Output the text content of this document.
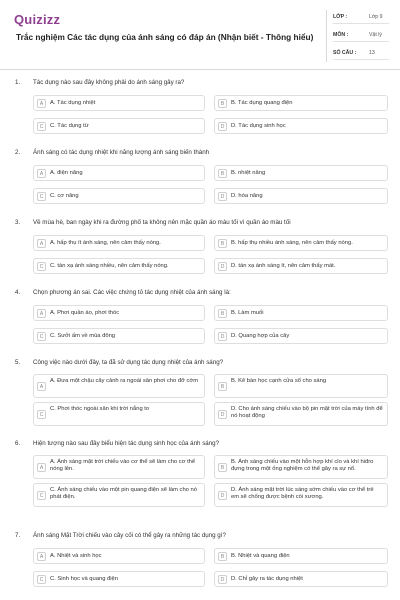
Quizizz
Trắc nghiệm Các tác dụng của ánh sáng có đáp án (Nhận biết - Thông hiểu)
LỚP :	Lớp 9
MÔN :	Vật lý
SỐ CÂU : 13
1. Tác dụng nào sau đây không phải do ánh sáng gây ra?
A	A. Tác dụng nhiệt	B	B. Tác dụng quang điện
C	C. Tác dụng từ	D	D. Tác dụng sinh học
2. Ánh sáng có tác dụng nhiệt khi năng lượng ánh sáng biến thành
A	A. điện năng	B	B. nhiệt năng
C	C. cơ năng	D	D. hóa năng
3. Về mùa hè, ban ngày khi ra đường phố ta không nên mặc quần áo màu tối vì quần áo màu tối
A	A. hấp thụ ít ánh sáng, nên cảm thấy nóng.	B	B. hấp thụ nhiều ánh sáng, nên cảm thấy nóng.
C	C. tán xạ ánh sáng nhiều, nên cảm thấy nóng.	D	D. tán xạ ánh sáng ít, nên cảm thấy mát.
4. Chọn phương án sai. Các việc chứng tỏ tác dụng nhiệt của ánh sáng là:
A	A. Phơi quần áo, phơi thóc	B	B. Làm muối
C	C. Sưởi ấm về mùa đông	D	D. Quang hợp của cây
5. Công việc nào dưới đây, ta đã sử dụng tác dụng nhiệt của ánh sáng?
A
A. Đưa một chậu cây cảnh ra ngoài sân phơi cho đỡ cớm
B
B. Kê bàn học cạnh cửa sổ cho sáng
C
C. Phơi thóc ngoài sân khi trời nắng to
D
D. Cho ánh sáng chiếu vào bộ pin mặt trời của máy tính để nó hoạt động
6. Hiện tượng nào sau đây biểu hiện tác dụng sinh học của ánh sáng?
A
A. Ánh sáng mặt trời chiếu vào cơ thể sẽ làm cho cơ thể nóng lên.	B
B. Ánh sáng chiếu vào một hỗn hợp khí clo và khí hiđro đựng trong một ống nghiệm có thể gây ra sự nổ.
C
C. Ánh sáng chiếu vào một pin quang điện sẽ làm cho nó phát điện.	D
D. Ánh sáng mặt trời lúc sáng sớm chiếu vào cơ thể trẻ em sẽ chống được bệnh còi xương.
7. Ánh sáng Mặt Trời chiếu vào cây cối có thể gây ra những tác dụng gì?
A	A. Nhiệt và sinh học	B	B. Nhiệt và quang điện
C	C. Sinh học và quang điện	D	D. Chỉ gây ra tác dụng nhiệt
